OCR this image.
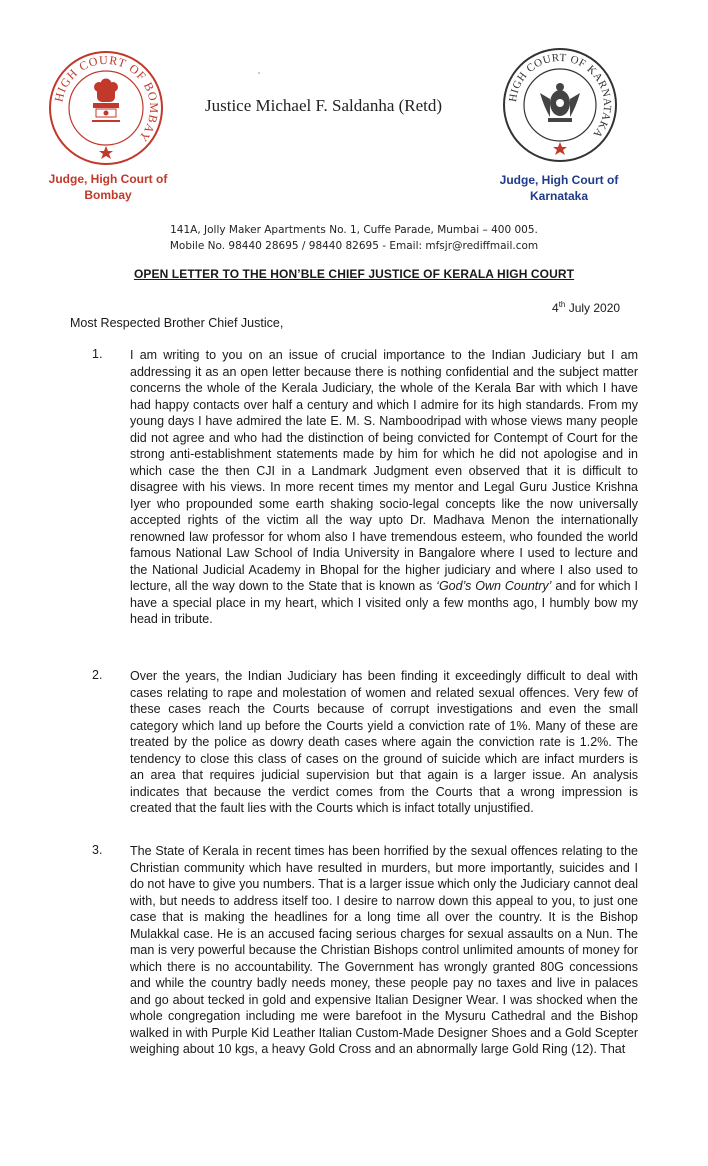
HIGH COURT OF BOMBAY
Judge, High Court of
Bombay
Justice Michael F. Saldanha (Retd)	HIGH COURT OF KARNATAKA
Judge, High Court of
Karnataka
141A, Jolly Maker Apartments No. 1, Cuffe Parade, Mumbai – 400 005.
Mobile No. 98440 28695 / 98440 82695 - Email: mfsjr@rediffmail.com
OPEN LETTER TO THE HON’BLE CHIEF JUSTICE OF KERALA HIGH COURT
4th July 2020
Most Respected Brother Chief Justice,
1. I am writing to you on an issue of crucial importance to the Indian Judiciary but I am addressing it as an open letter because there is nothing confidential and the subject matter concerns the whole of the Kerala Judiciary, the whole of the Kerala Bar with which I have had happy contacts over half a century and which I admire for its high standards. From my young days I have admired the late E. M. S. Namboodripad with whose views many people did not agree and who had the distinction of being convicted for Contempt of Court for the strong anti-establishment statements made by him for which he did not apologise and in which case the then CJI in a Landmark Judgment even observed that it is difficult to disagree with his views. In more recent times my mentor and Legal Guru Justice Krishna Iyer who propounded some earth shaking socio-legal concepts like the now universally accepted rights of the victim all the way upto Dr. Madhava Menon the internationally renowned law professor for whom also I have tremendous esteem, who founded the world famous National Law School of India University in Bangalore where I used to lecture and the National Judicial Academy in Bhopal for the higher judiciary and where I also used to lecture, all the way down to the State that is known as ‘God’s Own Country’ and for which I have a special place in my heart, which I visited only a few months ago, I humbly bow my head in tribute.

2. Over the years, the Indian Judiciary has been finding it exceedingly difficult to deal with cases relating to rape and molestation of women and related sexual offences. Very few of these cases reach the Courts because of corrupt investigations and even the small category which land up before the Courts yield a conviction rate of 1%. Many of these are treated by the police as dowry death cases where again the conviction rate is 1.2%. The tendency to close this class of cases on the ground of suicide which are infact murders is an area that requires judicial supervision but that again is a larger issue. An analysis indicates that because the verdict comes from the Courts that a wrong impression is created that the fault lies with the Courts which is infact totally unjustified.

3. The State of Kerala in recent times has been horrified by the sexual offences relating to the Christian community which have resulted in murders, but more importantly, suicides and I do not have to give you numbers. That is a larger issue which only the Judiciary cannot deal with, but needs to address itself too. I desire to narrow down this appeal to you, to just one case that is making the headlines for a long time all over the country. It is the Bishop Mulakkal case. He is an accused facing serious charges for sexual assaults on a Nun. The man is very powerful because the Christian Bishops control unlimited amounts of money for which there is no accountability. The Government has wrongly granted 80G concessions and while the country badly needs money, these people pay no taxes and live in palaces and go about tecked in gold and expensive Italian Designer Wear. I was shocked when the whole congregation including me were barefoot in the Mysuru Cathedral and the Bishop walked in with Purple Kid Leather Italian Custom-Made Designer Shoes and a Gold Scepter weighing about 10 kgs, a heavy Gold Cross and an abnormally large Gold Ring (12). That
